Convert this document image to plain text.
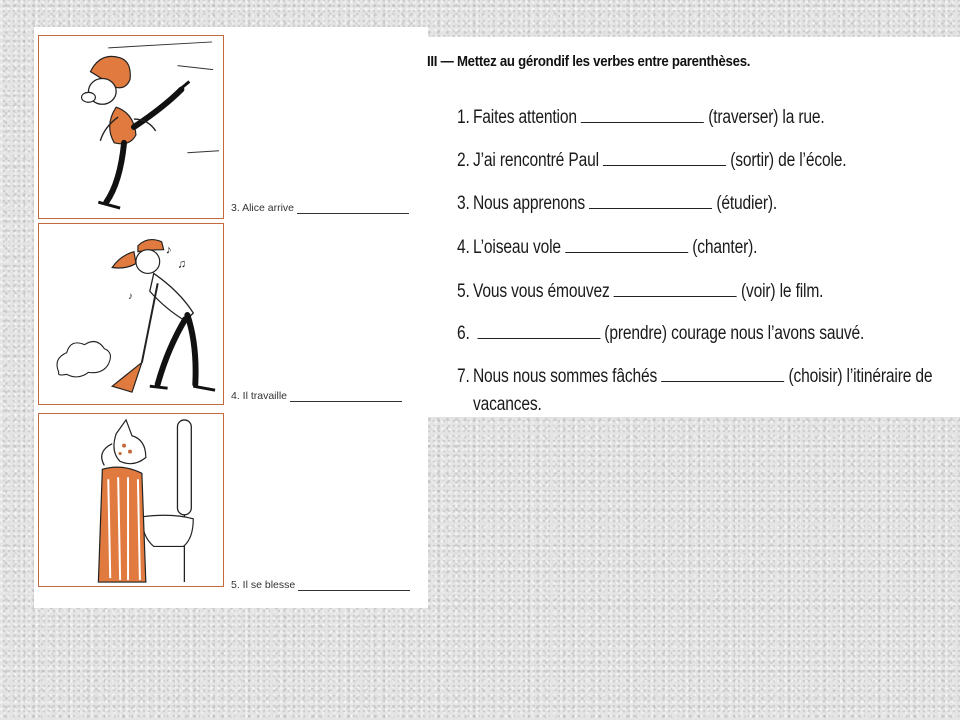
3. Alice arrive
♪
♫
♪
4. Il travaille
5. Il se blesse
III — Mettez au gérondif les verbes entre parenthèses.
1. Faites attention	(traverser) la rue.
2. J’ai rencontré Paul	(sortir) de l’école.
3. Nous apprenons	(étudier).
4. L’oiseau vole	(chanter).
5. Vous vous émouvez	(voir) le film.
6.	(prendre) courage nous l’avons sauvé.
7. Nous nous sommes fâchés	(choisir) l’itinéraire de
vacances.
